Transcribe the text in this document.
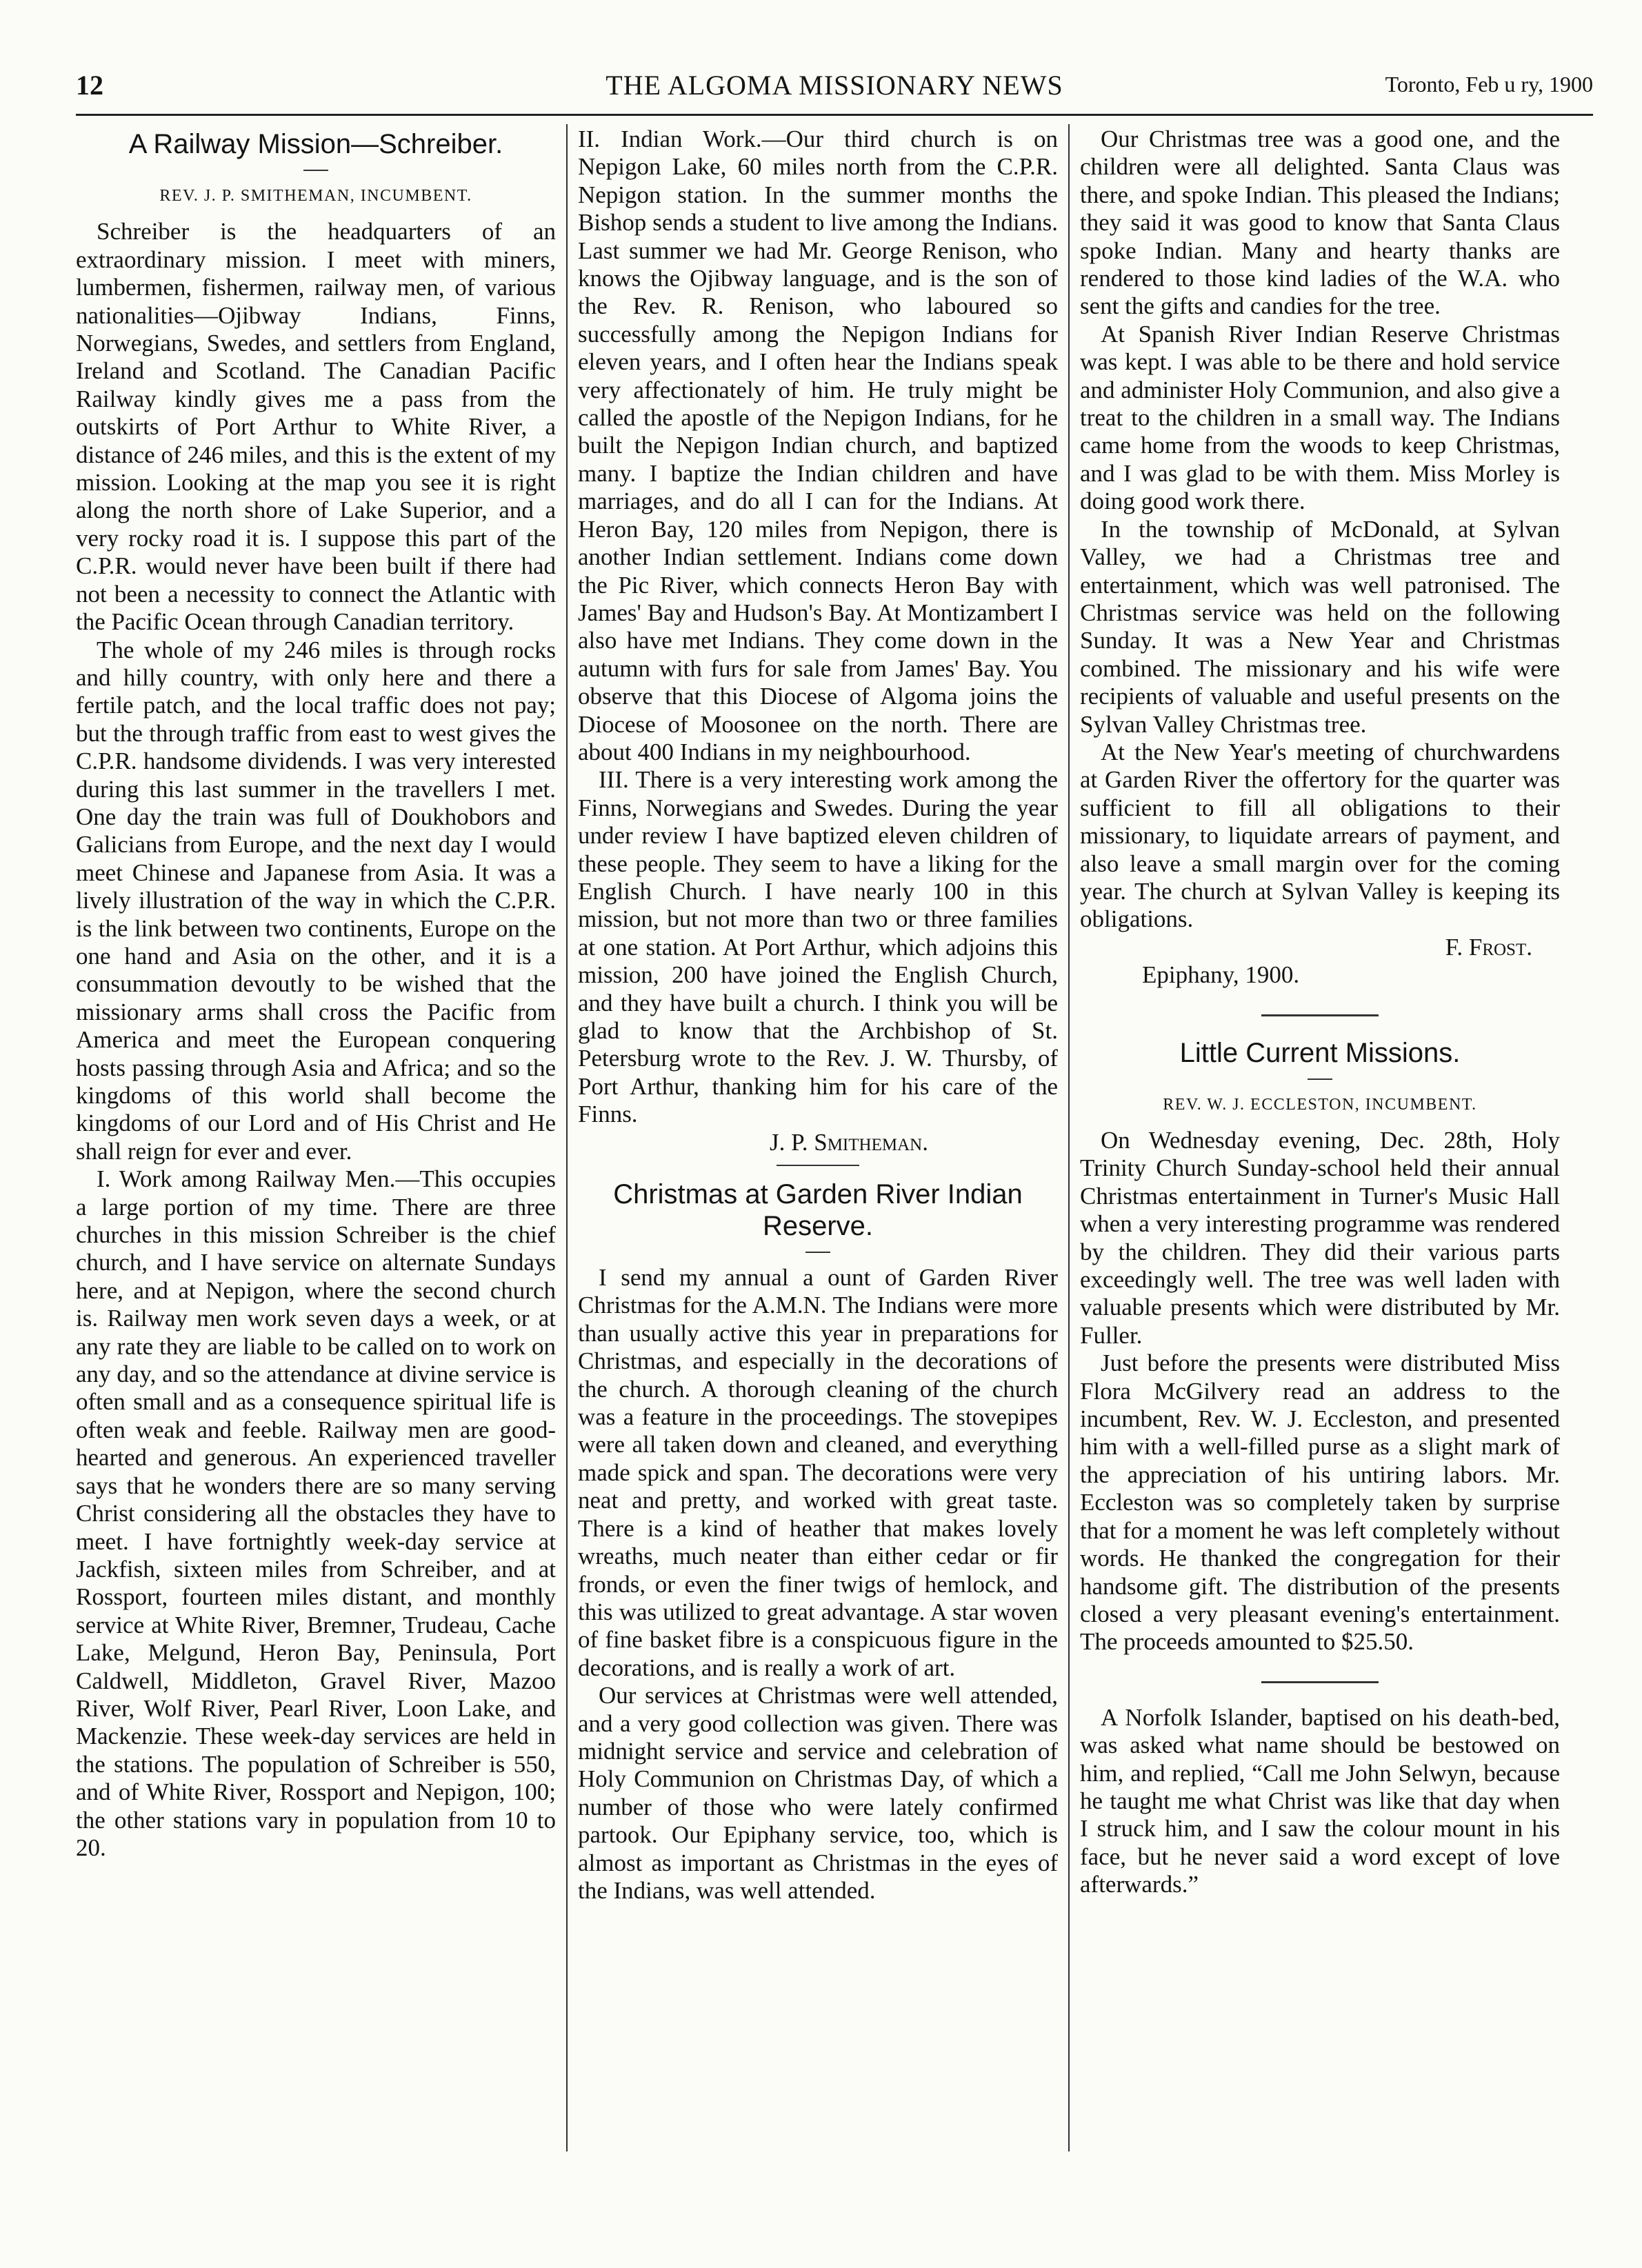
12	THE ALGOMA MISSIONARY NEWS	Toronto, Feb u ry, 1900
A Railway Mission—Schreiber.
REV. J. P. SMITHEMAN, INCUMBENT.

Schreiber is the headquarters of an extraordinary mission. I meet with miners, lumbermen, fishermen, railway men, of various nationalities—Ojibway Indians, Finns, Norwegians, Swedes, and settlers from England, Ireland and Scotland. The Canadian Pacific Railway kindly gives me a pass from the outskirts of Port Arthur to White River, a distance of 246 miles, and this is the extent of my mission. Looking at the map you see it is right along the north shore of Lake Superior, and a very rocky road it is. I suppose this part of the C.P.R. would never have been built if there had not been a necessity to connect the Atlantic with the Pacific Ocean through Canadian territory.

The whole of my 246 miles is through rocks and hilly country, with only here and there a fertile patch, and the local traffic does not pay; but the through traffic from east to west gives the C.P.R. handsome dividends. I was very interested during this last summer in the travellers I met. One day the train was full of Doukhobors and Galicians from Europe, and the next day I would meet Chinese and Japanese from Asia. It was a lively illustration of the way in which the C.P.R. is the link between two continents, Europe on the one hand and Asia on the other, and it is a consummation devoutly to be wished that the missionary arms shall cross the Pacific from America and meet the European conquering hosts passing through Asia and Africa; and so the kingdoms of this world shall become the kingdoms of our Lord and of His Christ and He shall reign for ever and ever.

I. Work among Railway Men.—This occupies a large portion of my time. There are three churches in this mission Schreiber is the chief church, and I have service on alternate Sundays here, and at Nepigon, where the second church is. Railway men work seven days a week, or at any rate they are liable to be called on to work on any day, and so the attendance at divine service is often small and as a consequence spiritual life is often weak and feeble. Railway men are good-hearted and generous. An experienced traveller says that he wonders there are so many serving Christ considering all the obstacles they have to meet. I have fortnightly week-day service at Jackfish, sixteen miles from Schreiber, and at Rossport, fourteen miles distant, and monthly service at White River, Bremner, Trudeau, Cache Lake, Melgund, Heron Bay, Peninsula, Port Caldwell, Middleton, Gravel River, Mazoo River, Wolf River, Pearl River, Loon Lake, and Mackenzie. These week-day services are held in the stations. The population of Schreiber is 550, and of White River, Rossport and Nepigon, 100; the other stations vary in population from 10 to 20.

II. Indian Work.—Our third church is on Nepigon Lake, 60 miles north from the C.P.R. Nepigon station. In the summer months the Bishop sends a student to live among the Indians. Last summer we had Mr. George Renison, who knows the Ojibway language, and is the son of the Rev. R. Renison, who laboured so successfully among the Nepigon Indians for eleven years, and I often hear the Indians speak very affectionately of him. He truly might be called the apostle of the Nepigon Indians, for he built the Nepigon Indian church, and baptized many. I baptize the Indian children and have marriages, and do all I can for the Indians. At Heron Bay, 120 miles from Nepigon, there is another Indian settlement. Indians come down the Pic River, which connects Heron Bay with James' Bay and Hudson's Bay. At Montizambert I also have met Indians. They come down in the autumn with furs for sale from James' Bay. You observe that this Diocese of Algoma joins the Diocese of Moosonee on the north. There are about 400 Indians in my neighbourhood.

III. There is a very interesting work among the Finns, Norwegians and Swedes. During the year under review I have baptized eleven children of these people. They seem to have a liking for the English Church. I have nearly 100 in this mission, but not more than two or three families at one station. At Port Arthur, which adjoins this mission, 200 have joined the English Church, and they have built a church. I think you will be glad to know that the Archbishop of St. Petersburg wrote to the Rev. J. W. Thursby, of Port Arthur, thanking him for his care of the Finns.

J. P. Smitheman.

Christmas at Garden River Indian Reserve.

I send my annual a ount of Garden River Christmas for the A.M.N. The Indians were more than usually active this year in preparations for Christmas, and especially in the decorations of the church. A thorough cleaning of the church was a feature in the proceedings. The stovepipes were all taken down and cleaned, and everything made spick and span. The decorations were very neat and pretty, and worked with great taste. There is a kind of heather that makes lovely wreaths, much neater than either cedar or fir fronds, or even the finer twigs of hemlock, and this was utilized to great advantage. A star woven of fine basket fibre is a conspicuous figure in the decorations, and is really a work of art.

Our services at Christmas were well attended, and a very good collection was given. There was midnight service and service and celebration of Holy Communion on Christmas Day, of which a number of those who were lately confirmed partook. Our Epiphany service, too, which is almost as important as Christmas in the eyes of the Indians, was well attended.

Our Christmas tree was a good one, and the children were all delighted. Santa Claus was there, and spoke Indian. This pleased the Indians; they said it was good to know that Santa Claus spoke Indian. Many and hearty thanks are rendered to those kind ladies of the W.A. who sent the gifts and candies for the tree.

At Spanish River Indian Reserve Christmas was kept. I was able to be there and hold service and administer Holy Communion, and also give a treat to the children in a small way. The Indians came home from the woods to keep Christmas, and I was glad to be with them. Miss Morley is doing good work there.

In the township of McDonald, at Sylvan Valley, we had a Christmas tree and entertainment, which was well patronised. The Christmas service was held on the following Sunday. It was a New Year and Christmas combined. The missionary and his wife were recipients of valuable and useful presents on the Sylvan Valley Christmas tree.

At the New Year's meeting of churchwardens at Garden River the offertory for the quarter was sufficient to fill all obligations to their missionary, to liquidate arrears of payment, and also leave a small margin over for the coming year. The church at Sylvan Valley is keeping its obligations.

F. Frost.

Epiphany, 1900.

Little Current Missions.
REV. W. J. ECCLESTON, INCUMBENT.

On Wednesday evening, Dec. 28th, Holy Trinity Church Sunday-school held their annual Christmas entertainment in Turner's Music Hall when a very interesting programme was rendered by the children. They did their various parts exceedingly well. The tree was well laden with valuable presents which were distributed by Mr. Fuller.

Just before the presents were distributed Miss Flora McGilvery read an address to the incumbent, Rev. W. J. Eccleston, and presented him with a well-filled purse as a slight mark of the appreciation of his untiring labors. Mr. Eccleston was so completely taken by surprise that for a moment he was left completely without words. He thanked the congregation for their handsome gift. The distribution of the presents closed a very pleasant evening's entertainment. The proceeds amounted to $25.50.

A Norfolk Islander, baptised on his death-bed, was asked what name should be bestowed on him, and replied, “Call me John Selwyn, because he taught me what Christ was like that day when I struck him, and I saw the colour mount in his face, but he never said a word except of love afterwards.”
